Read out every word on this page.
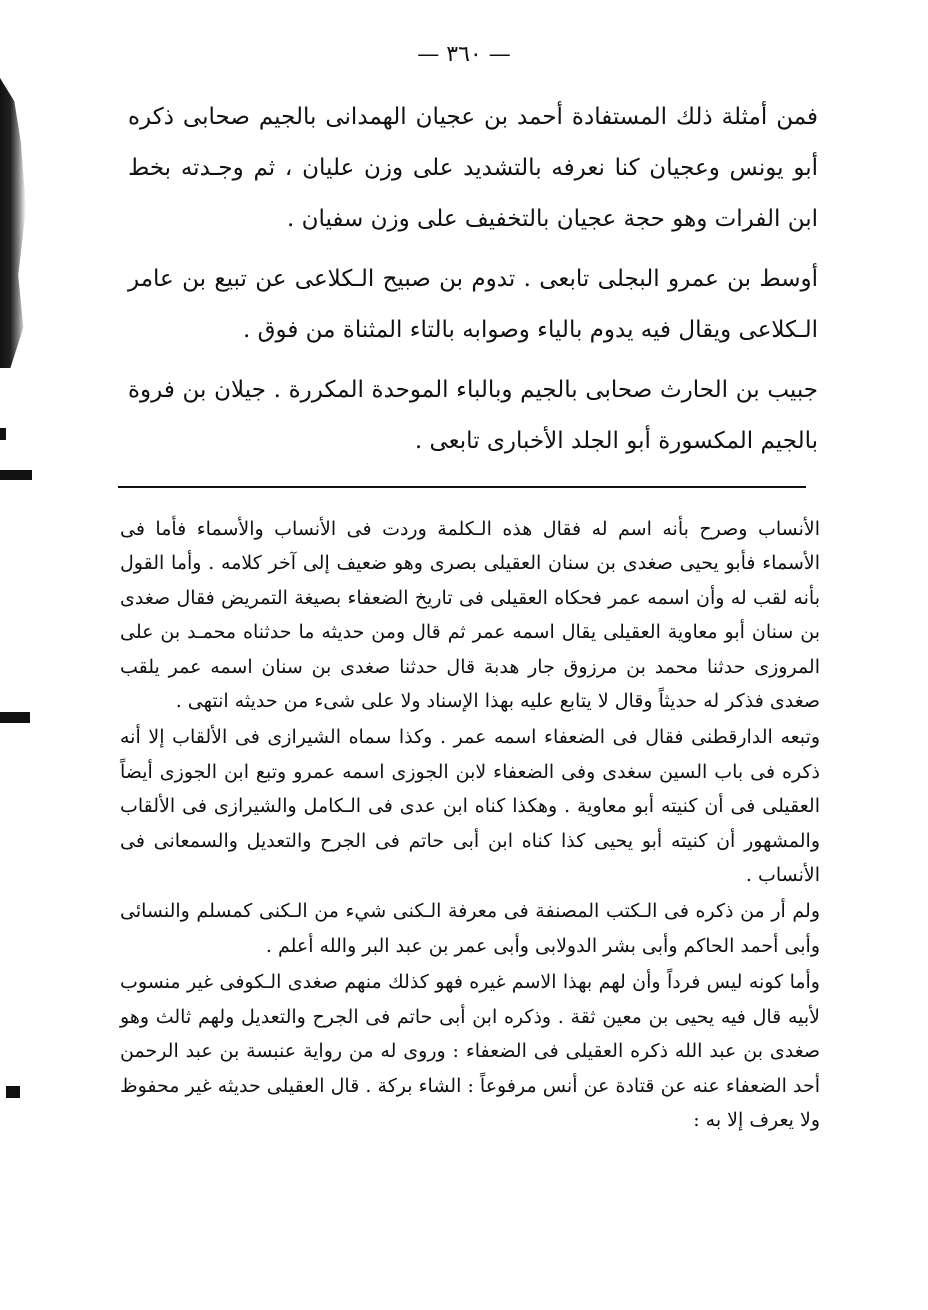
— ٣٦٠ —

فمن أمثلة ذلك المستفادة أحمد بن عجيان الهمدانى بالجيم صحابى ذكره أبو يونس وعجيان كنا نعرفه بالتشديد على وزن عليان ، ثم وجـدته بخط ابن الفرات وهو حجة عجيان بالتخفيف على وزن سفيان .

أوسط بن عمرو البجلى تابعى . تدوم بن صبيح الـكلاعى عن تبيع بن عامر الـكلاعى ويقال فيه يدوم بالياء وصوابه بالتاء المثناة من فوق .

جبيب بن الحارث صحابى بالجيم وبالباء الموحدة المكررة . جيلان بن فروة بالجيم المكسورة أبو الجلد الأخبارى تابعى .

الأنساب وصرح بأنه اسم له فقال هذه الـكلمة وردت فى الأنساب والأسماء فأما فى الأسماء فأبو يحيى صغدى بن سنان العقيلى بصرى وهو ضعيف إلى آخر كلامه . وأما القول بأنه لقب له وأن اسمه عمر فحكاه العقيلى فى تاريخ الضعفاء بصيغة التمريض فقال صغدى بن سنان أبو معاوية العقيلى يقال اسمه عمر ثم قال ومن حديثه ما حدثناه محمـد بن على المروزى حدثنا محمد بن مرزوق جار هدبة قال حدثنا صغدى بن سنان اسمه عمر يلقب صغدى فذكر له حديثاً وقال لا يتابع عليه بهذا الإسناد ولا على شىء من حديثه انتهى .

وتبعه الدارقطنى فقال فى الضعفاء اسمه عمر . وكذا سماه الشيرازى فى الألقاب إلا أنه ذكره فى باب السين سغدى وفى الضعفاء لابن الجوزى اسمه عمرو وتبع ابن الجوزى أيضاً العقيلى فى أن كنيته أبو معاوية . وهكذا كناه ابن عدى فى الـكامل والشيرازى فى الألقاب والمشهور أن كنيته أبو يحيى كذا كناه ابن أبى حاتم فى الجرح والتعديل والسمعانى فى الأنساب .

ولم أر من ذكره فى الـكتب المصنفة فى معرفة الـكنى شيء من الـكنى كمسلم والنسائى وأبى أحمد الحاكم وأبى بشر الدولابى وأبى عمر بن عبد البر والله أعلم .

وأما كونه ليس فرداً وأن لهم بهذا الاسم غيره فهو كذلك منهم صغدى الـكوفى غير منسوب لأبيه قال فيه يحيى بن معين ثقة . وذكره ابن أبى حاتم فى الجرح والتعديل ولهم ثالث وهو صغدى بن عبد الله ذكره العقيلى فى الضعفاء : وروى له من رواية عنبسة بن عبد الرحمن أحد الضعفاء عنه عن قتادة عن أنس مرفوعاً : الشاء بركة . قال العقيلى حديثه غير محفوظ ولا يعرف إلا به :
